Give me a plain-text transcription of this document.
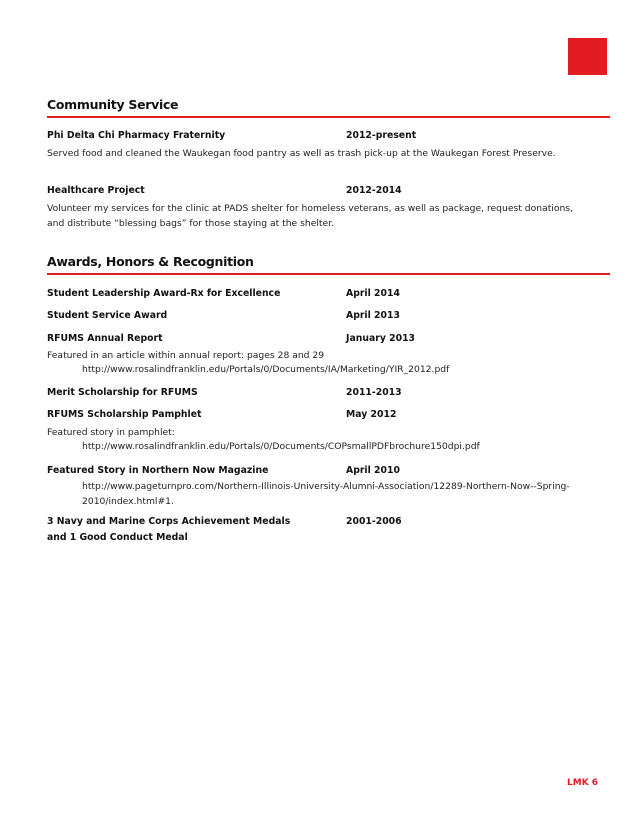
Community Service
Phi Delta Chi Pharmacy Fraternity	2012-present
Served food and cleaned the Waukegan food pantry as well as trash pick-up at the Waukegan Forest Preserve.
Healthcare Project	2012-2014
Volunteer my services for the clinic at PADS shelter for homeless veterans, as well as package, request donations, and distribute “blessing bags” for those staying at the shelter.
Awards, Honors & Recognition
Student Leadership Award-Rx for Excellence	April 2014
Student Service Award	April 2013
RFUMS Annual Report	January 2013
Featured in an article within annual report: pages 28 and 29
http://www.rosalindfranklin.edu/Portals/0/Documents/IA/Marketing/YIR_2012.pdf
Merit Scholarship for RFUMS	2011-2013
RFUMS Scholarship Pamphlet	May 2012
Featured story in pamphlet:
http://www.rosalindfranklin.edu/Portals/0/Documents/COPsmallPDFbrochure150dpi.pdf
Featured Story in Northern Now Magazine	April 2010
http://www.pageturnpro.com/Northern-Illinois-University-Alumni-Association/12289-Northern-Now--Spring-2010/index.html#1.
3 Navy and Marine Corps Achievement Medals	2001-2006
and 1 Good Conduct Medal
LMK 6
